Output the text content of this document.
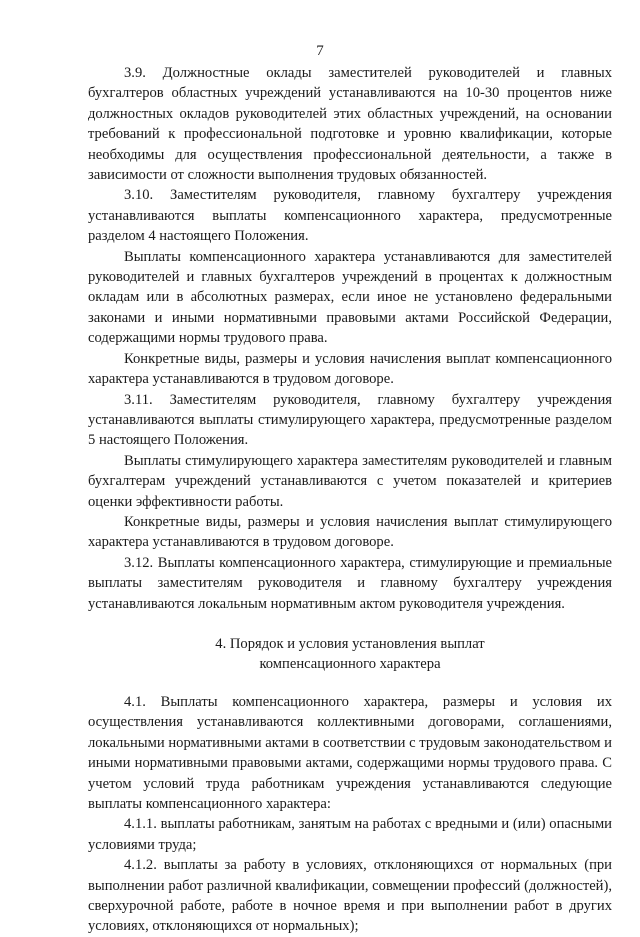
7

3.9. Должностные оклады заместителей руководителей и главных бухгалтеров областных учреждений устанавливаются на 10-30 процентов ниже должностных окладов руководителей этих областных учреждений, на основании требований к профессиональной подготовке и уровню квалификации, которые необходимы для осуществления профессиональной деятельности, а также в зависимости от сложности выполнения трудовых обязанностей.

3.10. Заместителям руководителя, главному бухгалтеру учреждения устанавливаются выплаты компенсационного характера, предусмотренные разделом 4 настоящего Положения.

Выплаты компенсационного характера устанавливаются для заместителей руководителей и главных бухгалтеров учреждений в процентах к должностным окладам или в абсолютных размерах, если иное не установлено федеральными законами и иными нормативными правовыми актами Российской Федерации, содержащими нормы трудового права.

Конкретные виды, размеры и условия начисления выплат компенсационного характера устанавливаются в трудовом договоре.

3.11. Заместителям руководителя, главному бухгалтеру учреждения устанавливаются выплаты стимулирующего характера, предусмотренные разделом 5 настоящего Положения.

Выплаты стимулирующего характера заместителям руководителей и главным бухгалтерам учреждений устанавливаются с учетом показателей и критериев оценки эффективности работы.

Конкретные виды, размеры и условия начисления выплат стимулирующего характера устанавливаются в трудовом договоре.

3.12. Выплаты компенсационного характера, стимулирующие и премиальные выплаты заместителям руководителя и главному бухгалтеру учреждения устанавливаются локальным нормативным актом руководителя учреждения.

4. Порядок и условия установления выплат
компенсационного характера

4.1. Выплаты компенсационного характера, размеры и условия их осуществления устанавливаются коллективными договорами, соглашениями, локальными нормативными актами в соответствии с трудовым законодательством и иными нормативными правовыми актами, содержащими нормы трудового права. С учетом условий труда работникам учреждения устанавливаются следующие выплаты компенсационного характера:

4.1.1. выплаты работникам, занятым на работах с вредными и (или) опасными условиями труда;

4.1.2. выплаты за работу в условиях, отклоняющихся от нормальных (при выполнении работ различной квалификации, совмещении профессий (должностей), сверхурочной работе, работе в ночное время и при выполнении работ в других условиях, отклоняющихся от нормальных);
